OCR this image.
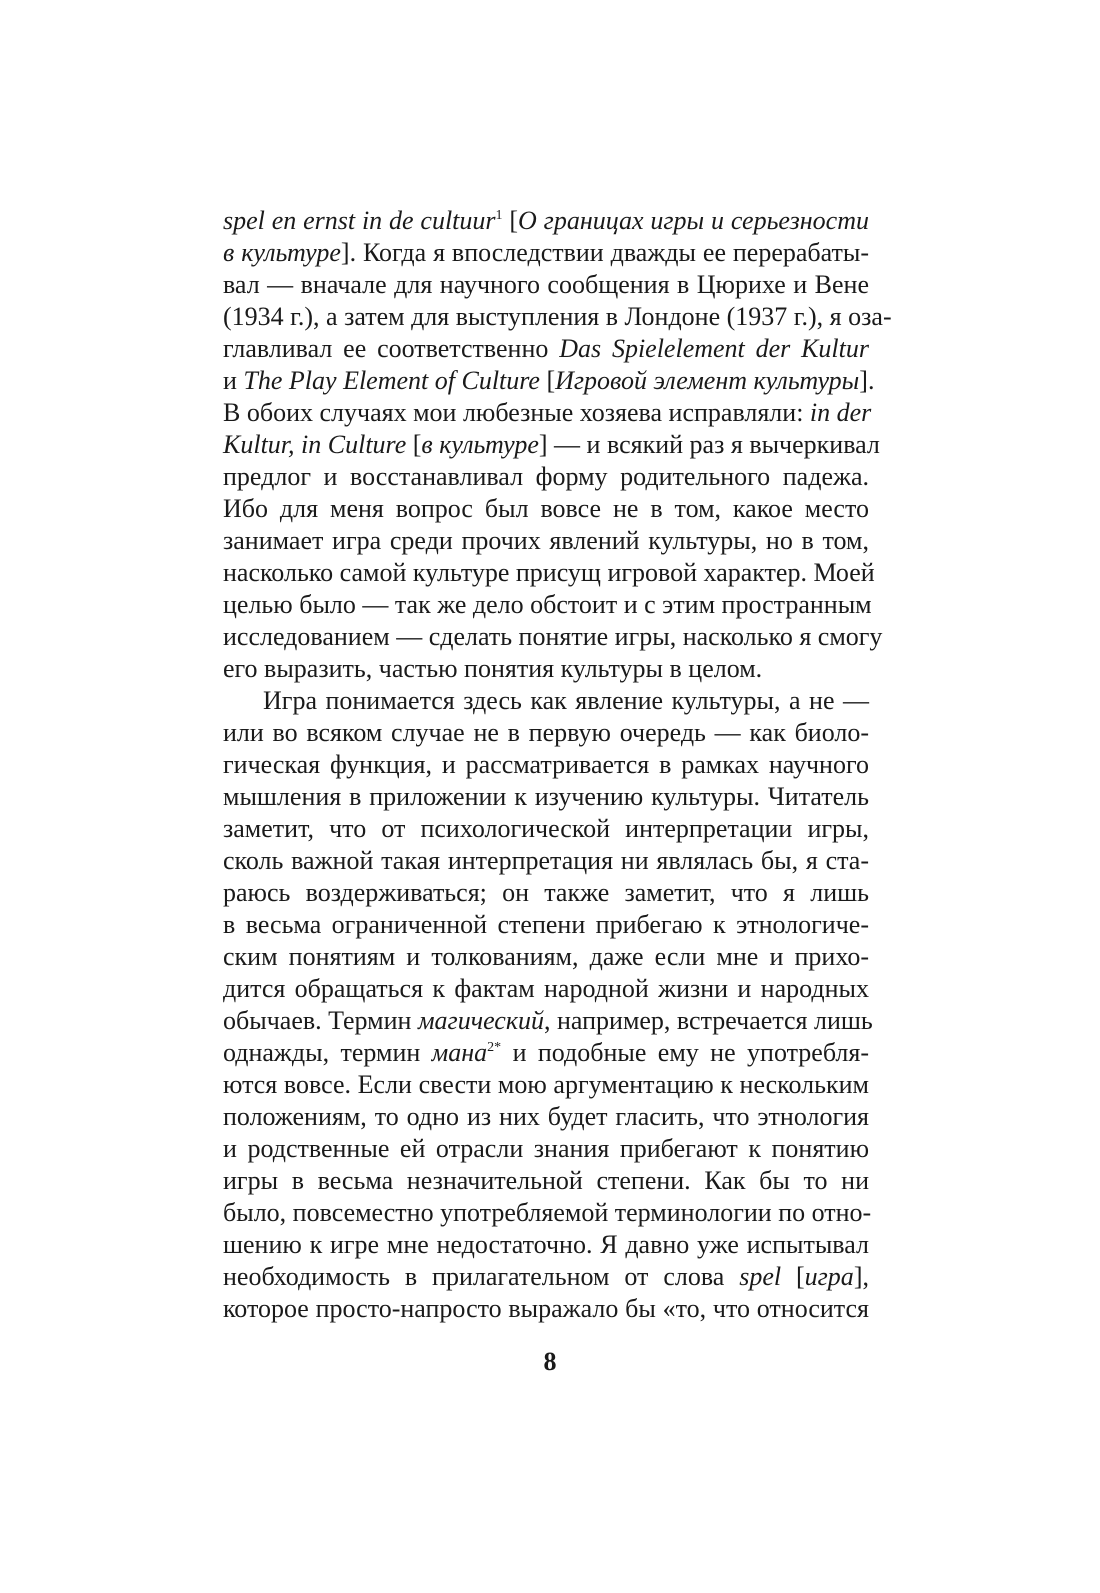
spel en ernst in de cultuur$^1$ [О границах игры и серьезности
в культуре]. Когда я впоследствии дважды ее перерабаты-
вал — вначале для научного сообщения в Цюрихе и Вене
(1934 г.), а затем для выступления в Лондоне (1937 г.), я оза-
главливал ее соответственно Das Spielelement der Kultur
и The Play Element of Culture [Игровой элемент культуры].
В обоих случаях мои любезные хозяева исправляли: in der
Kultur, in Culture [в культуре] — и всякий раз я вычеркивал
предлог и восстанавливал форму родительного падежа.
Ибо для меня вопрос был вовсе не в том, какое место
занимает игра среди прочих явлений культуры, но в том,
насколько самой культуре присущ игровой характер. Моей
целью было — так же дело обстоит и с этим пространным
исследованием — сделать понятие игры, насколько я смогу
его выразить, частью понятия культуры в целом.
Игра понимается здесь как явление культуры, а не —
или во всяком случае не в первую очередь — как биоло-
гическая функция, и рассматривается в рамках научного
мышления в приложении к изучению культуры. Читатель
заметит, что от психологической интерпретации игры,
сколь важной такая интерпретация ни являлась бы, я ста-
раюсь воздерживаться; он также заметит, что я лишь
в весьма ограниченной степени прибегаю к этнологиче-
ским понятиям и толкованиям, даже если мне и прихо-
дится обращаться к фактам народной жизни и народных
обычаев. Термин магический, например, встречается лишь
однажды, термин мана$^{2*}$ и подобные ему не употребля-
ются вовсе. Если свести мою аргументацию к нескольким
положениям, то одно из них будет гласить, что этнология
и родственные ей отрасли знания прибегают к понятию
игры в весьма незначительной степени. Как бы то ни
было, повсеместно употребляемой терминологии по отно-
шению к игре мне недостаточно. Я давно уже испытывал
необходимость в прилагательном от слова spel [игра],
которое просто-напросто выражало бы «то, что относится
8
